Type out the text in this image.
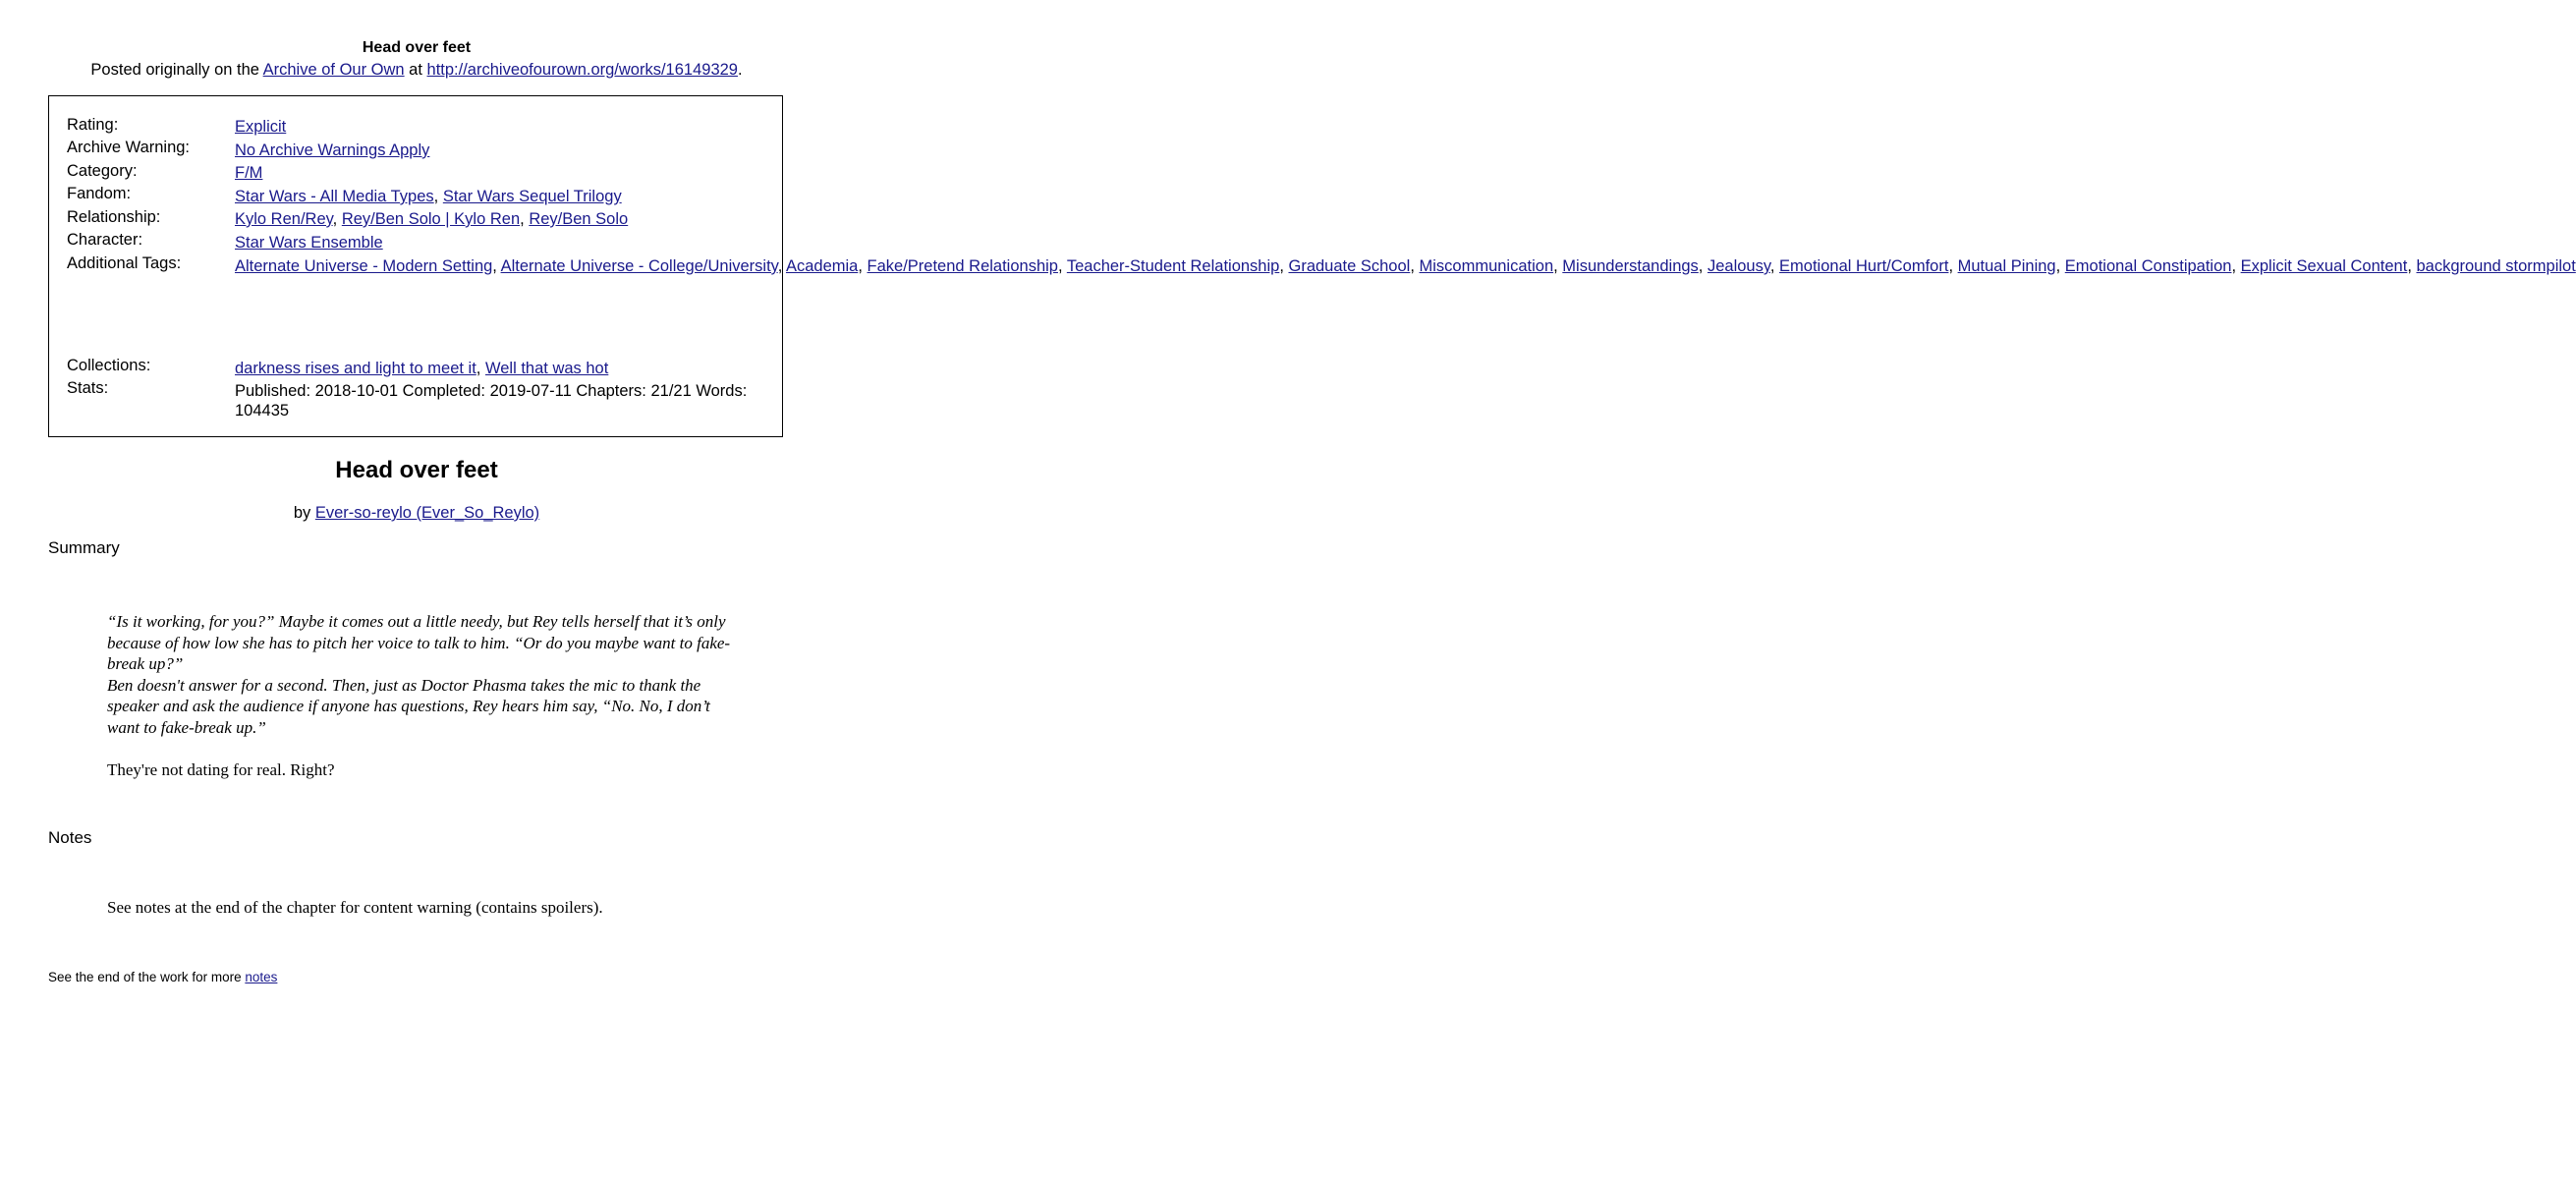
Head over feet
Posted originally on the Archive of Our Own at http://archiveofourown.org/works/16149329.
Rating:	Explicit
Archive Warning:	No Archive Warnings Apply
Category:	F/M
Fandom:	Star Wars - All Media Types, Star Wars Sequel Trilogy
Relationship:	Kylo Ren/Rey, Rey/Ben Solo | Kylo Ren, Rey/Ben Solo
Character:	Star Wars Ensemble
Additional Tags:	Alternate Universe - Modern Setting, Alternate Universe - College/University, Academia, Fake/Pretend Relationship, Teacher-Student Relationship, Graduate School, Miscommunication, Misunderstandings, Jealousy, Emotional Hurt/Comfort, Mutual Pining, Emotional Constipation, Explicit Sexual Content, background stormpilot
Collections:	darkness rises and light to meet it, Well that was hot
Stats:	Published: 2018-10-01 Completed: 2019-07-11 Chapters: 21/21 Words: 104435
Head over feet
by Ever-so-reylo (Ever_So_Reylo)
Summary

“Is it working, for you?” Maybe it comes out a little needy, but Rey tells herself that it’s only because of how low she has to pitch her voice to talk to him. “Or do you maybe want to fake-break up?”

Ben doesn't answer for a second. Then, just as Doctor Phasma takes the mic to thank the speaker and ask the audience if anyone has questions, Rey hears him say, “No. No, I don’t want to fake-break up.”

They're not dating for real. Right?

Notes
See notes at the end of the chapter for content warning (contains spoilers).
See the end of the work for more notes
